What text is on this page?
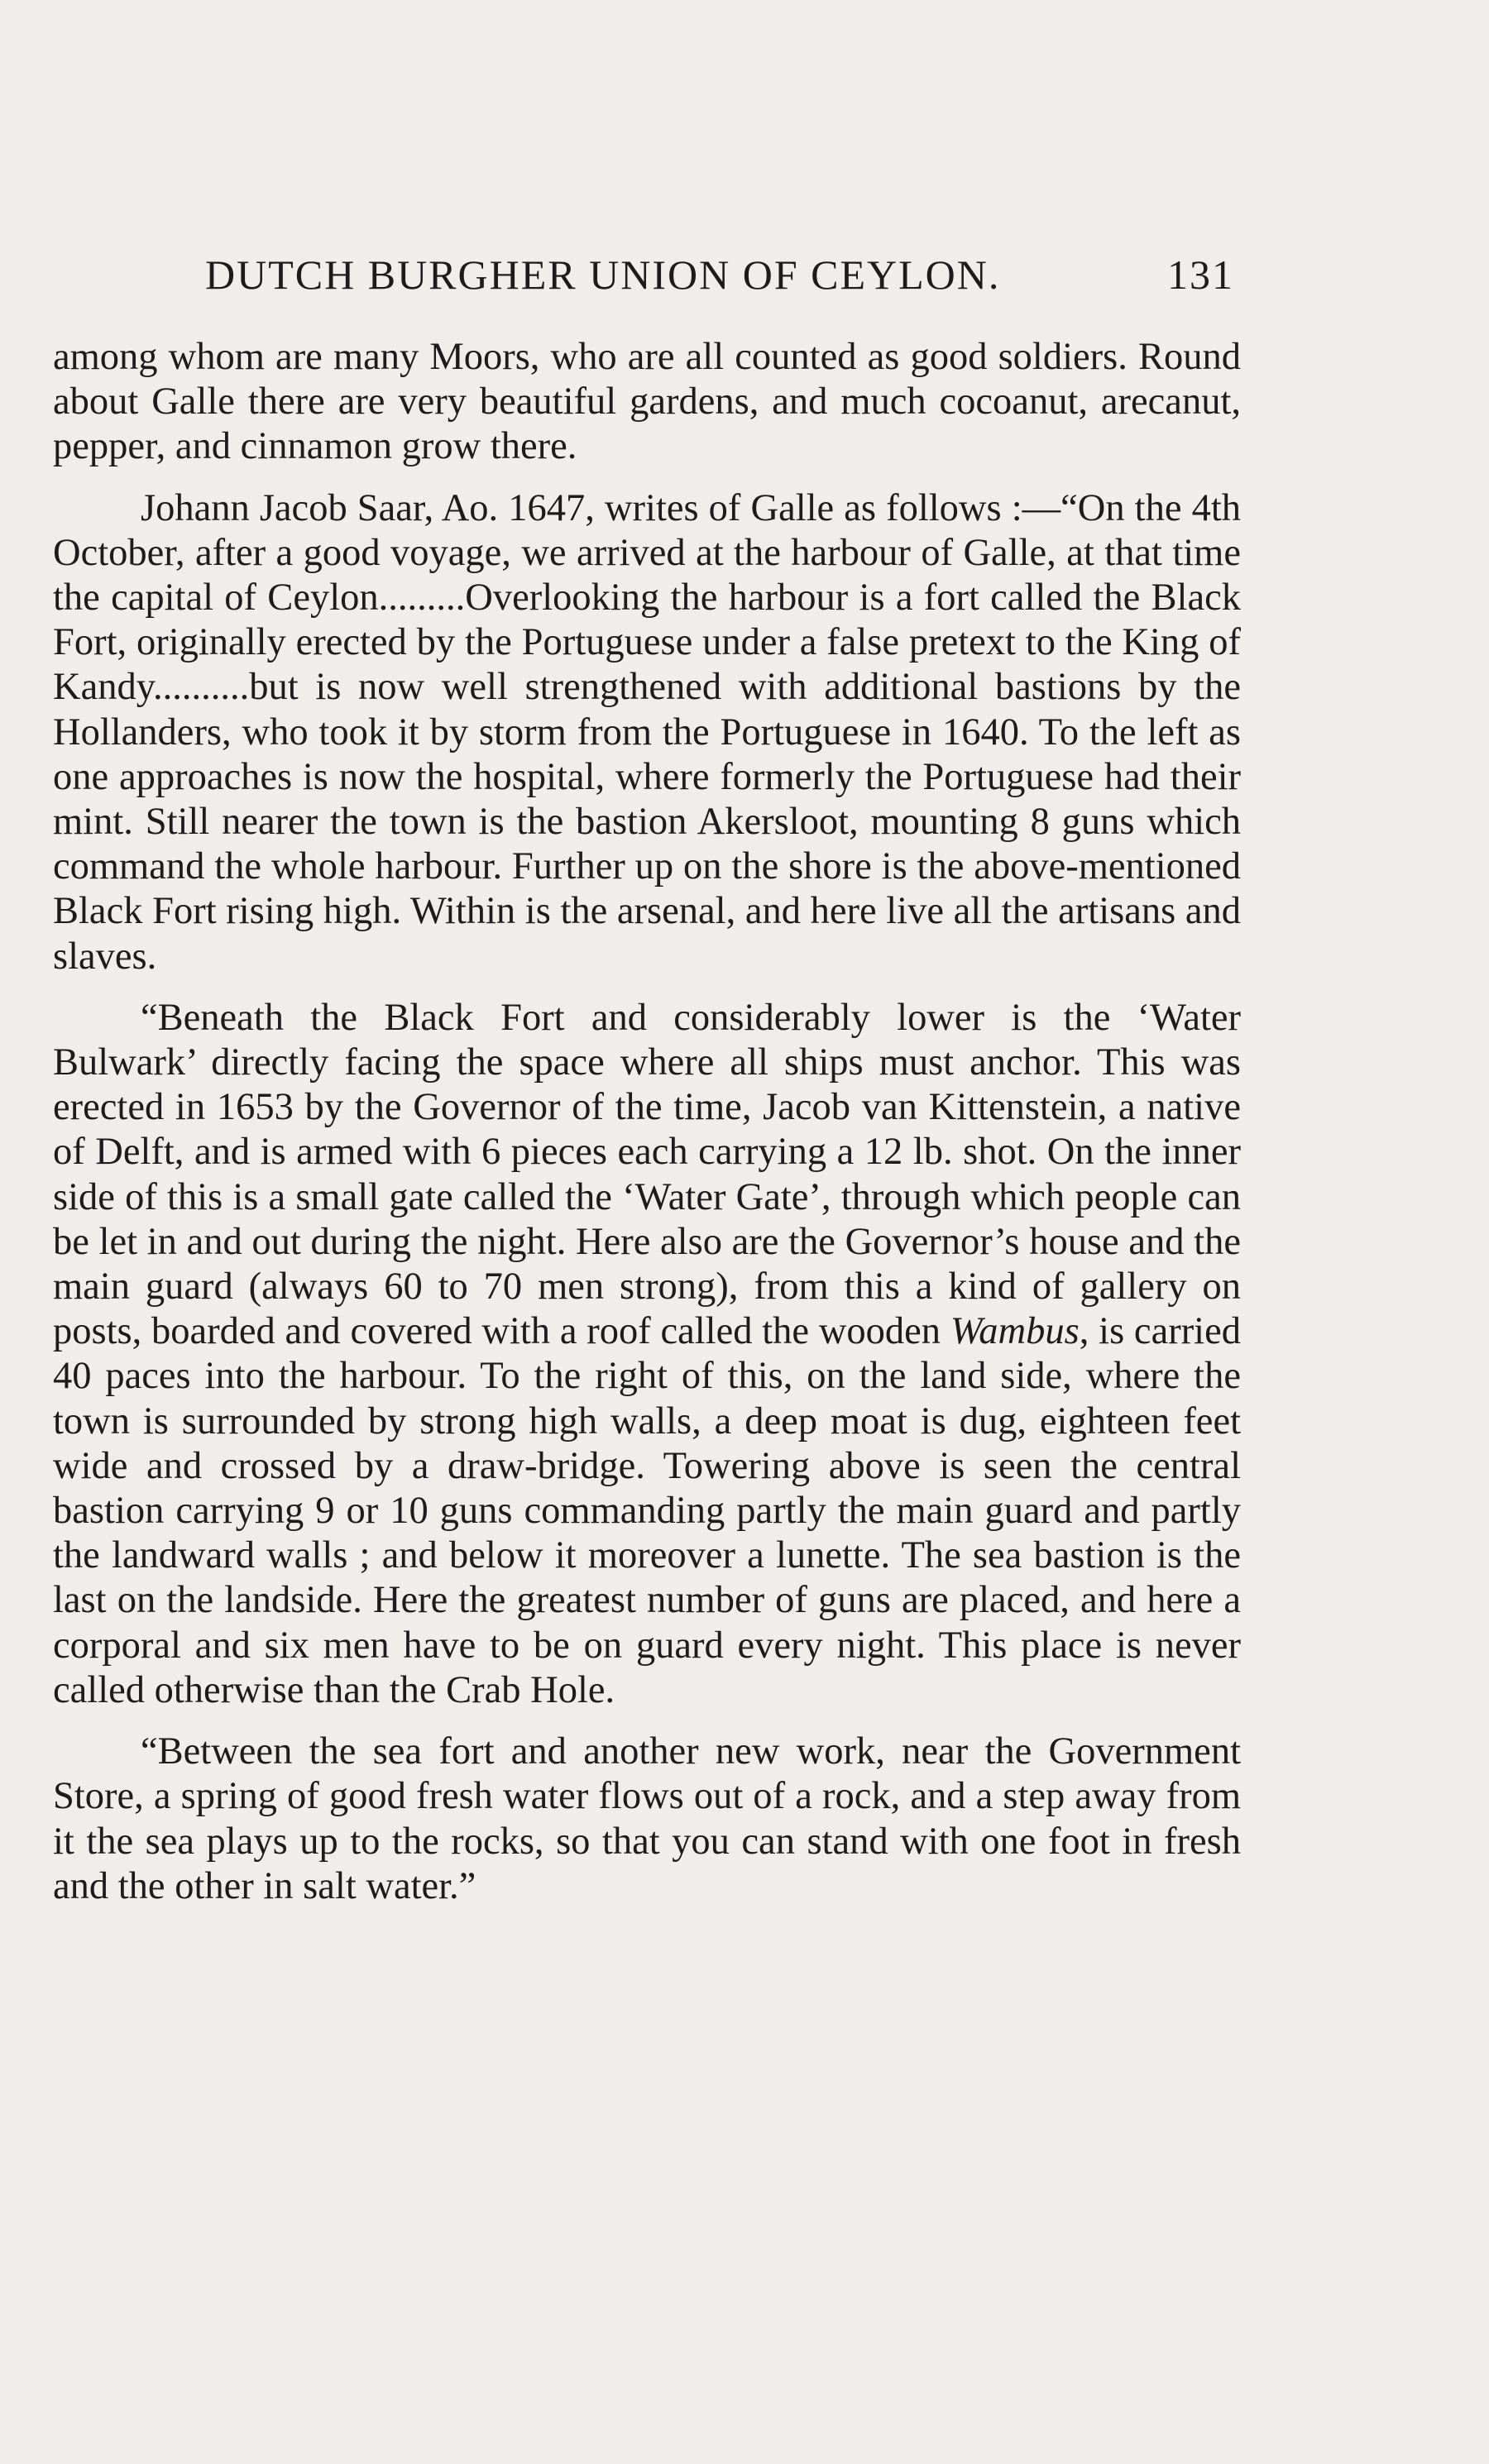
DUTCH BURGHER UNION OF CEYLON.	131

among whom are many Moors, who are all counted as good soldiers. Round about Galle there are very beautiful gardens, and much cocoanut, arecanut, pepper, and cinnamon grow there.

Johann Jacob Saar, Ao. 1647, writes of Galle as follows :—“On the 4th October, after a good voyage, we arrived at the harbour of Galle, at that time the capital of Ceylon.........Overlooking the harbour is a fort called the Black Fort, originally erected by the Portuguese under a false pretext to the King of Kandy..........but is now well strengthened with additional bastions by the Hollanders, who took it by storm from the Portuguese in 1640. To the left as one approaches is now the hospital, where formerly the Portuguese had their mint. Still nearer the town is the bastion Akersloot, mounting 8 guns which command the whole harbour. Further up on the shore is the above-mentioned Black Fort rising high. Within is the arsenal, and here live all the artisans and slaves.

“Beneath the Black Fort and considerably lower is the ‘Water Bulwark’ directly facing the space where all ships must anchor. This was erected in 1653 by the Governor of the time, Jacob van Kittenstein, a native of Delft, and is armed with 6 pieces each carrying a 12 lb. shot. On the inner side of this is a small gate called the ‘Water Gate’, through which people can be let in and out during the night. Here also are the Governor’s house and the main guard (always 60 to 70 men strong), from this a kind of gallery on posts, boarded and covered with a roof called the wooden Wambus, is carried 40 paces into the harbour. To the right of this, on the land side, where the town is surrounded by strong high walls, a deep moat is dug, eighteen feet wide and crossed by a draw-bridge. Towering above is seen the central bastion carrying 9 or 10 guns commanding partly the main guard and partly the landward walls ; and below it moreover a lunette. The sea bastion is the last on the landside. Here the greatest number of guns are placed, and here a corporal and six men have to be on guard every night. This place is never called otherwise than the Crab Hole.

“Between the sea fort and another new work, near the Government Store, a spring of good fresh water flows out of a rock, and a step away from it the sea plays up to the rocks, so that you can stand with one foot in fresh and the other in salt water.”
